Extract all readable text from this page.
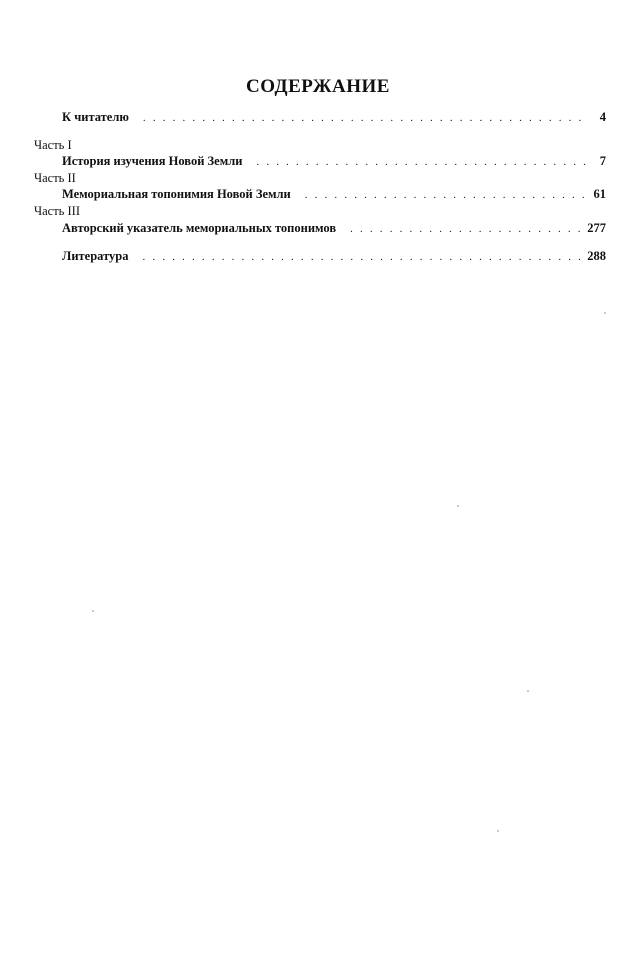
СОДЕРЖАНИЕ
К читателю . . .	4
Часть I
История изучения Новой Земли . . .	7
Часть II
Мемориальная топонимия Новой Земли . . .	61
Часть III
Авторский указатель мемориальных топонимов . . .	277
Литература . . .	288
